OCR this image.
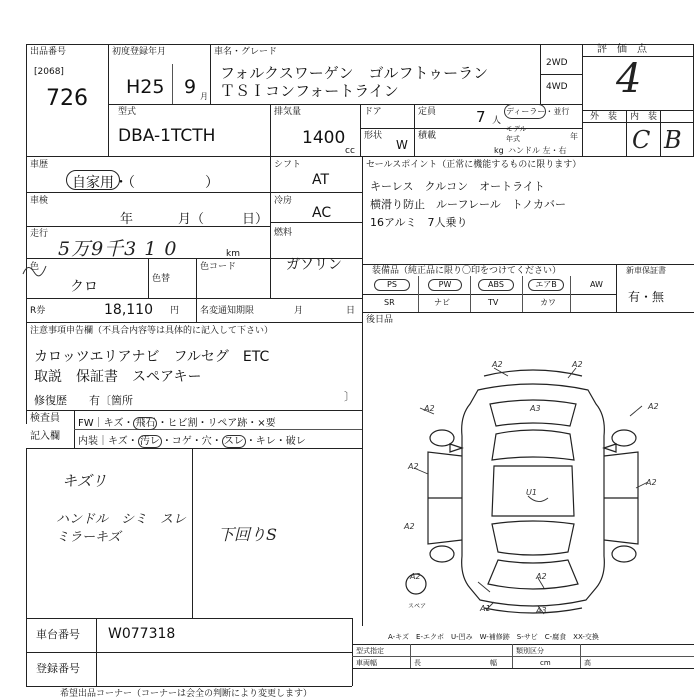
出品番号
[2068]
726
初度登録年月
H25 9 月
車名・グレード
フォルクスワーゲン　ゴルフトゥーラン
ＴＳＩコンフォートライン
2WD
4WD
評　価　点
4
外　装 内　装
C B
型式
DBA-1TCTH
排気量
1400
cc
ドア	定員	7 人
ディーラー・並行
形状
W
積載
kg
モデル年式	年
ハンドル 左・右
車歴
自家用・（　　　　　）
シフト
AT
車検
年	月（	日）
冷房
AC
走行
5万9千3 1 0	km
燃料
ガソリン
色
クロ	色替
色コード
R券	18,110 円 名変通知期限	月	日
セールスポイント（正常に機能するものに限ります）
キーレス　クルコン　オートライト
横滑り防止　ルーフレール　トノカバー
16アルミ　7人乗り
装備品（純正品に限り〇印をつけてください）
PS	PW	ABS	エアB	AW
SR	ナビ	TV	カワ
新車保証書
有・無
後日品
注意事項申告欄（不具合内容等は具体的に記入して下さい）
カロッツエリアナビ　フルセグ　ETC
取説　保証書　スペアキー
修復歴　　有〔箇所	〕
検査員
記入欄
FW｜キズ・ 飛石 ・ヒビ割・リペア跡・×要
内装｜キズ・ 汚レ ・コゲ・穴・ スレ ・キレ・破レ
キズリ
ハンドル　シミ　スレ
ミラーキズ	下回りS
A2	A2
A3
A2	A2
A2
A2
U1
A2
A2
A1	A3
A2
スペア
A-キズ　E-エクボ　U-凹み　W-補修跡　S-サビ　C-腐食　XX-交換
車台番号 W077318
登録番号
型式指定	類別区分
車両幅	長	幅	高
cm
希望出品コーナー（コーナーは会全の判断により変更します）
